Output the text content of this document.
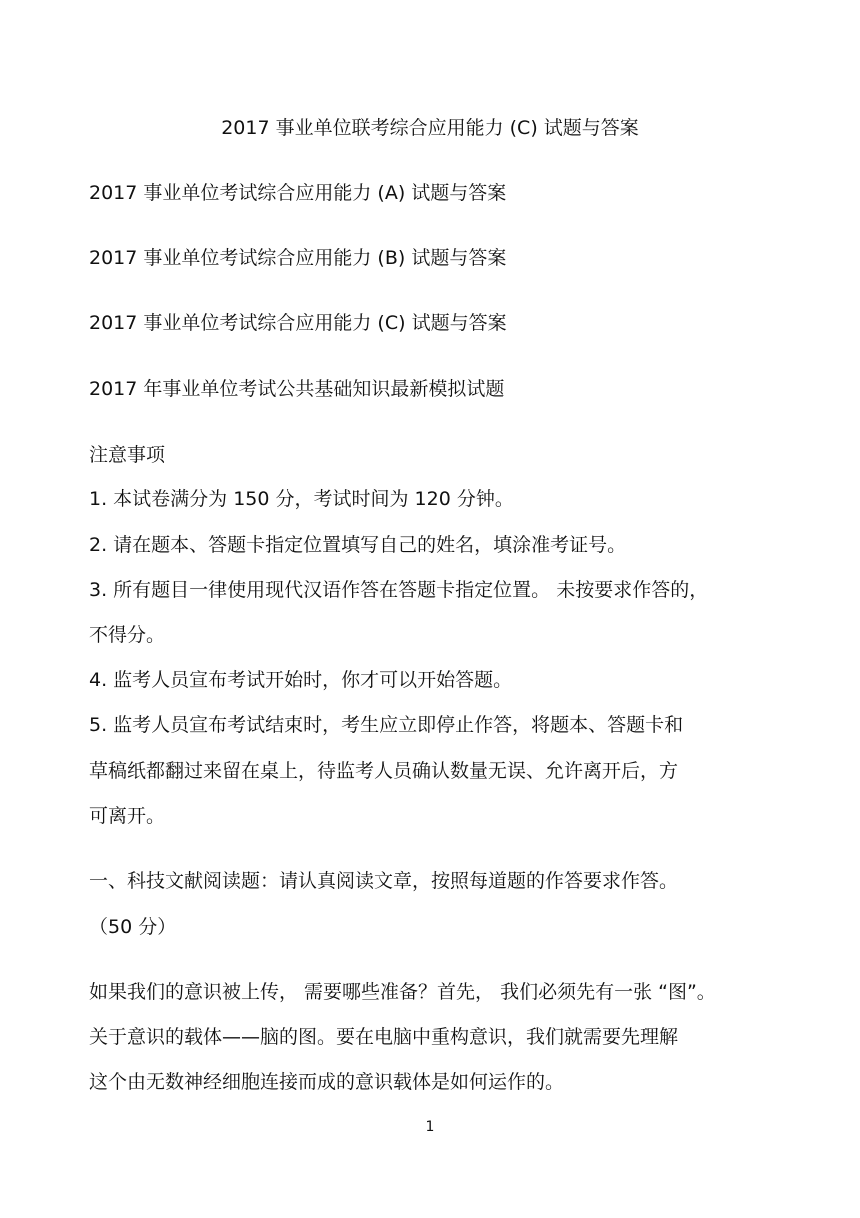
2017 事业单位联考综合应用能力 (C) 试题与答案
2017 事业单位考试综合应用能力 (A) 试题与答案
2017 事业单位考试综合应用能力 (B) 试题与答案
2017 事业单位考试综合应用能力 (C) 试题与答案
2017 年事业单位考试公共基础知识最新模拟试题
注意事项
1. 本试卷满分为 150 分，考试时间为 120 分钟。
2. 请在题本、答题卡指定位置填写自己的姓名，填涂准考证号。
3. 所有题目一律使用现代汉语作答在答题卡指定位置。 未按要求作答的，
不得分。
4. 监考人员宣布考试开始时，你才可以开始答题。
5. 监考人员宣布考试结束时，考生应立即停止作答，将题本、答题卡和
草稿纸都翻过来留在桌上，待监考人员确认数量无误、允许离开后，方
可离开。
一、科技文献阅读题：请认真阅读文章，按照每道题的作答要求作答。
（50 分）
如果我们的意识被上传， 需要哪些准备？首先， 我们必须先有一张 “图”。
关于意识的载体——脑的图。要在电脑中重构意识，我们就需要先理解
这个由无数神经细胞连接而成的意识载体是如何运作的。
1
